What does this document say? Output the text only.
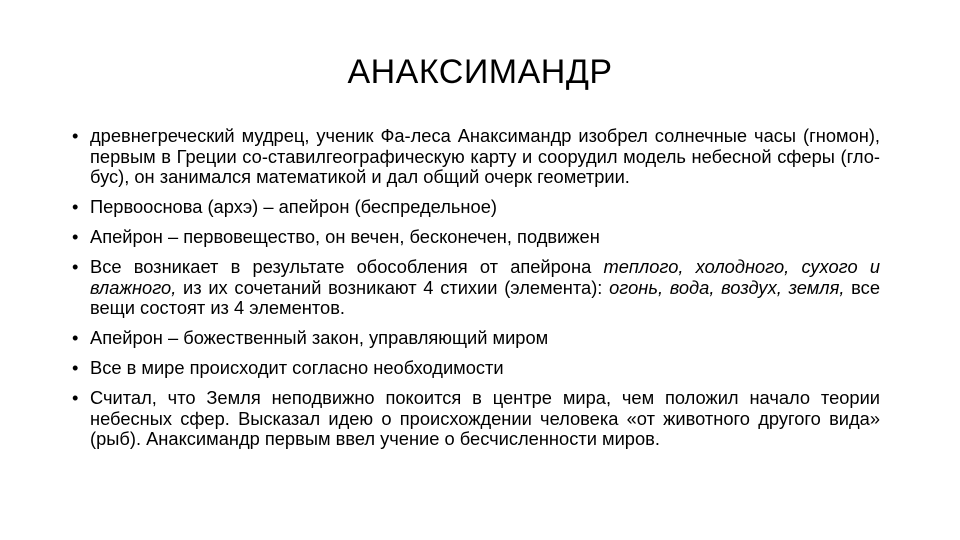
АНАКСИМАНДР
• древнегреческий мудрец, ученик Фа-леса Анаксимандр изобрел солнечные часы (гномон), первым в Греции со-ставилгеографическую карту и соорудил модель небесной сферы (гло-бус), он занимался математикой и дал общий очерк геометрии.
• Первооснова (архэ) – апейрон (беспредельное)
• Апейрон – первовещество, он вечен, бесконечен, подвижен
• Все возникает в результате обособления от апейрона теплого, холодного, сухого и влажного, из их сочетаний возникают 4 стихии (элемента): огонь, вода, воздух, земля, все вещи состоят из 4 элементов.
• Апейрон – божественный закон, управляющий миром
• Все в мире происходит согласно необходимости
• Считал, что Земля неподвижно покоится в центре мира, чем положил начало теории небесных сфер. Высказал идею о происхождении человека «от животного другого вида» (рыб). Анаксимандр первым ввел учение о бесчисленности миров.
